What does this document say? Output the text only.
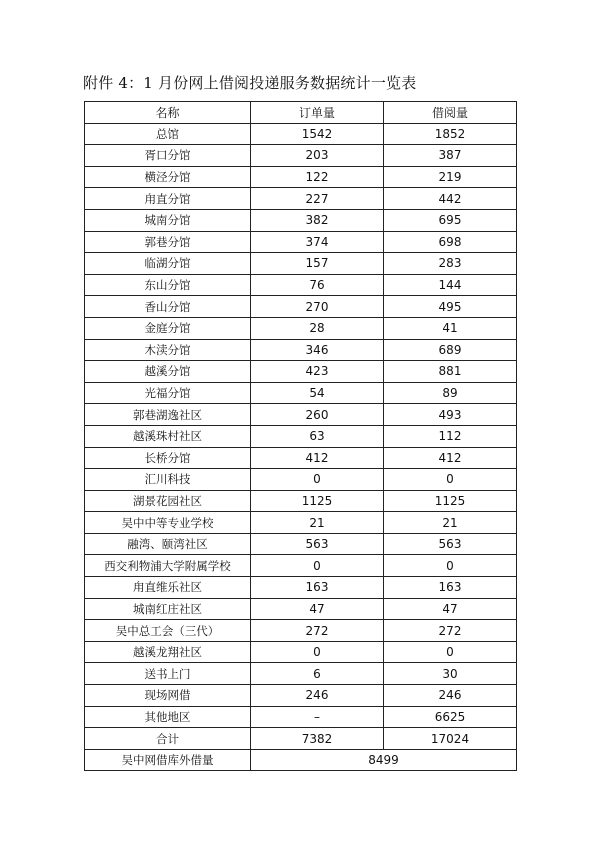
附件 4：1 月份网上借阅投递服务数据统计一览表
名称	订单量	借阅量
总馆	1542	1852
胥口分馆	203	387
横泾分馆	122	219
甪直分馆	227	442
城南分馆	382	695
郭巷分馆	374	698
临湖分馆	157	283
东山分馆	76	144
香山分馆	270	495
金庭分馆	28	41
木渎分馆	346	689
越溪分馆	423	881
光福分馆	54	89
郭巷湖逸社区	260	493
越溪珠村社区	63	112
长桥分馆	412	412
汇川科技	0	0
湖景花园社区	1125	1125
吴中中等专业学校	21	21
融湾、颐湾社区	563	563
西交利物浦大学附属学校	0	0
甪直维乐社区	163	163
城南红庄社区	47	47
吴中总工会（三代）	272	272
越溪龙翔社区	0	0
送书上门	6	30
现场网借	246	246
其他地区	–	6625
合计	7382	17024
吴中网借库外借量	8499	
